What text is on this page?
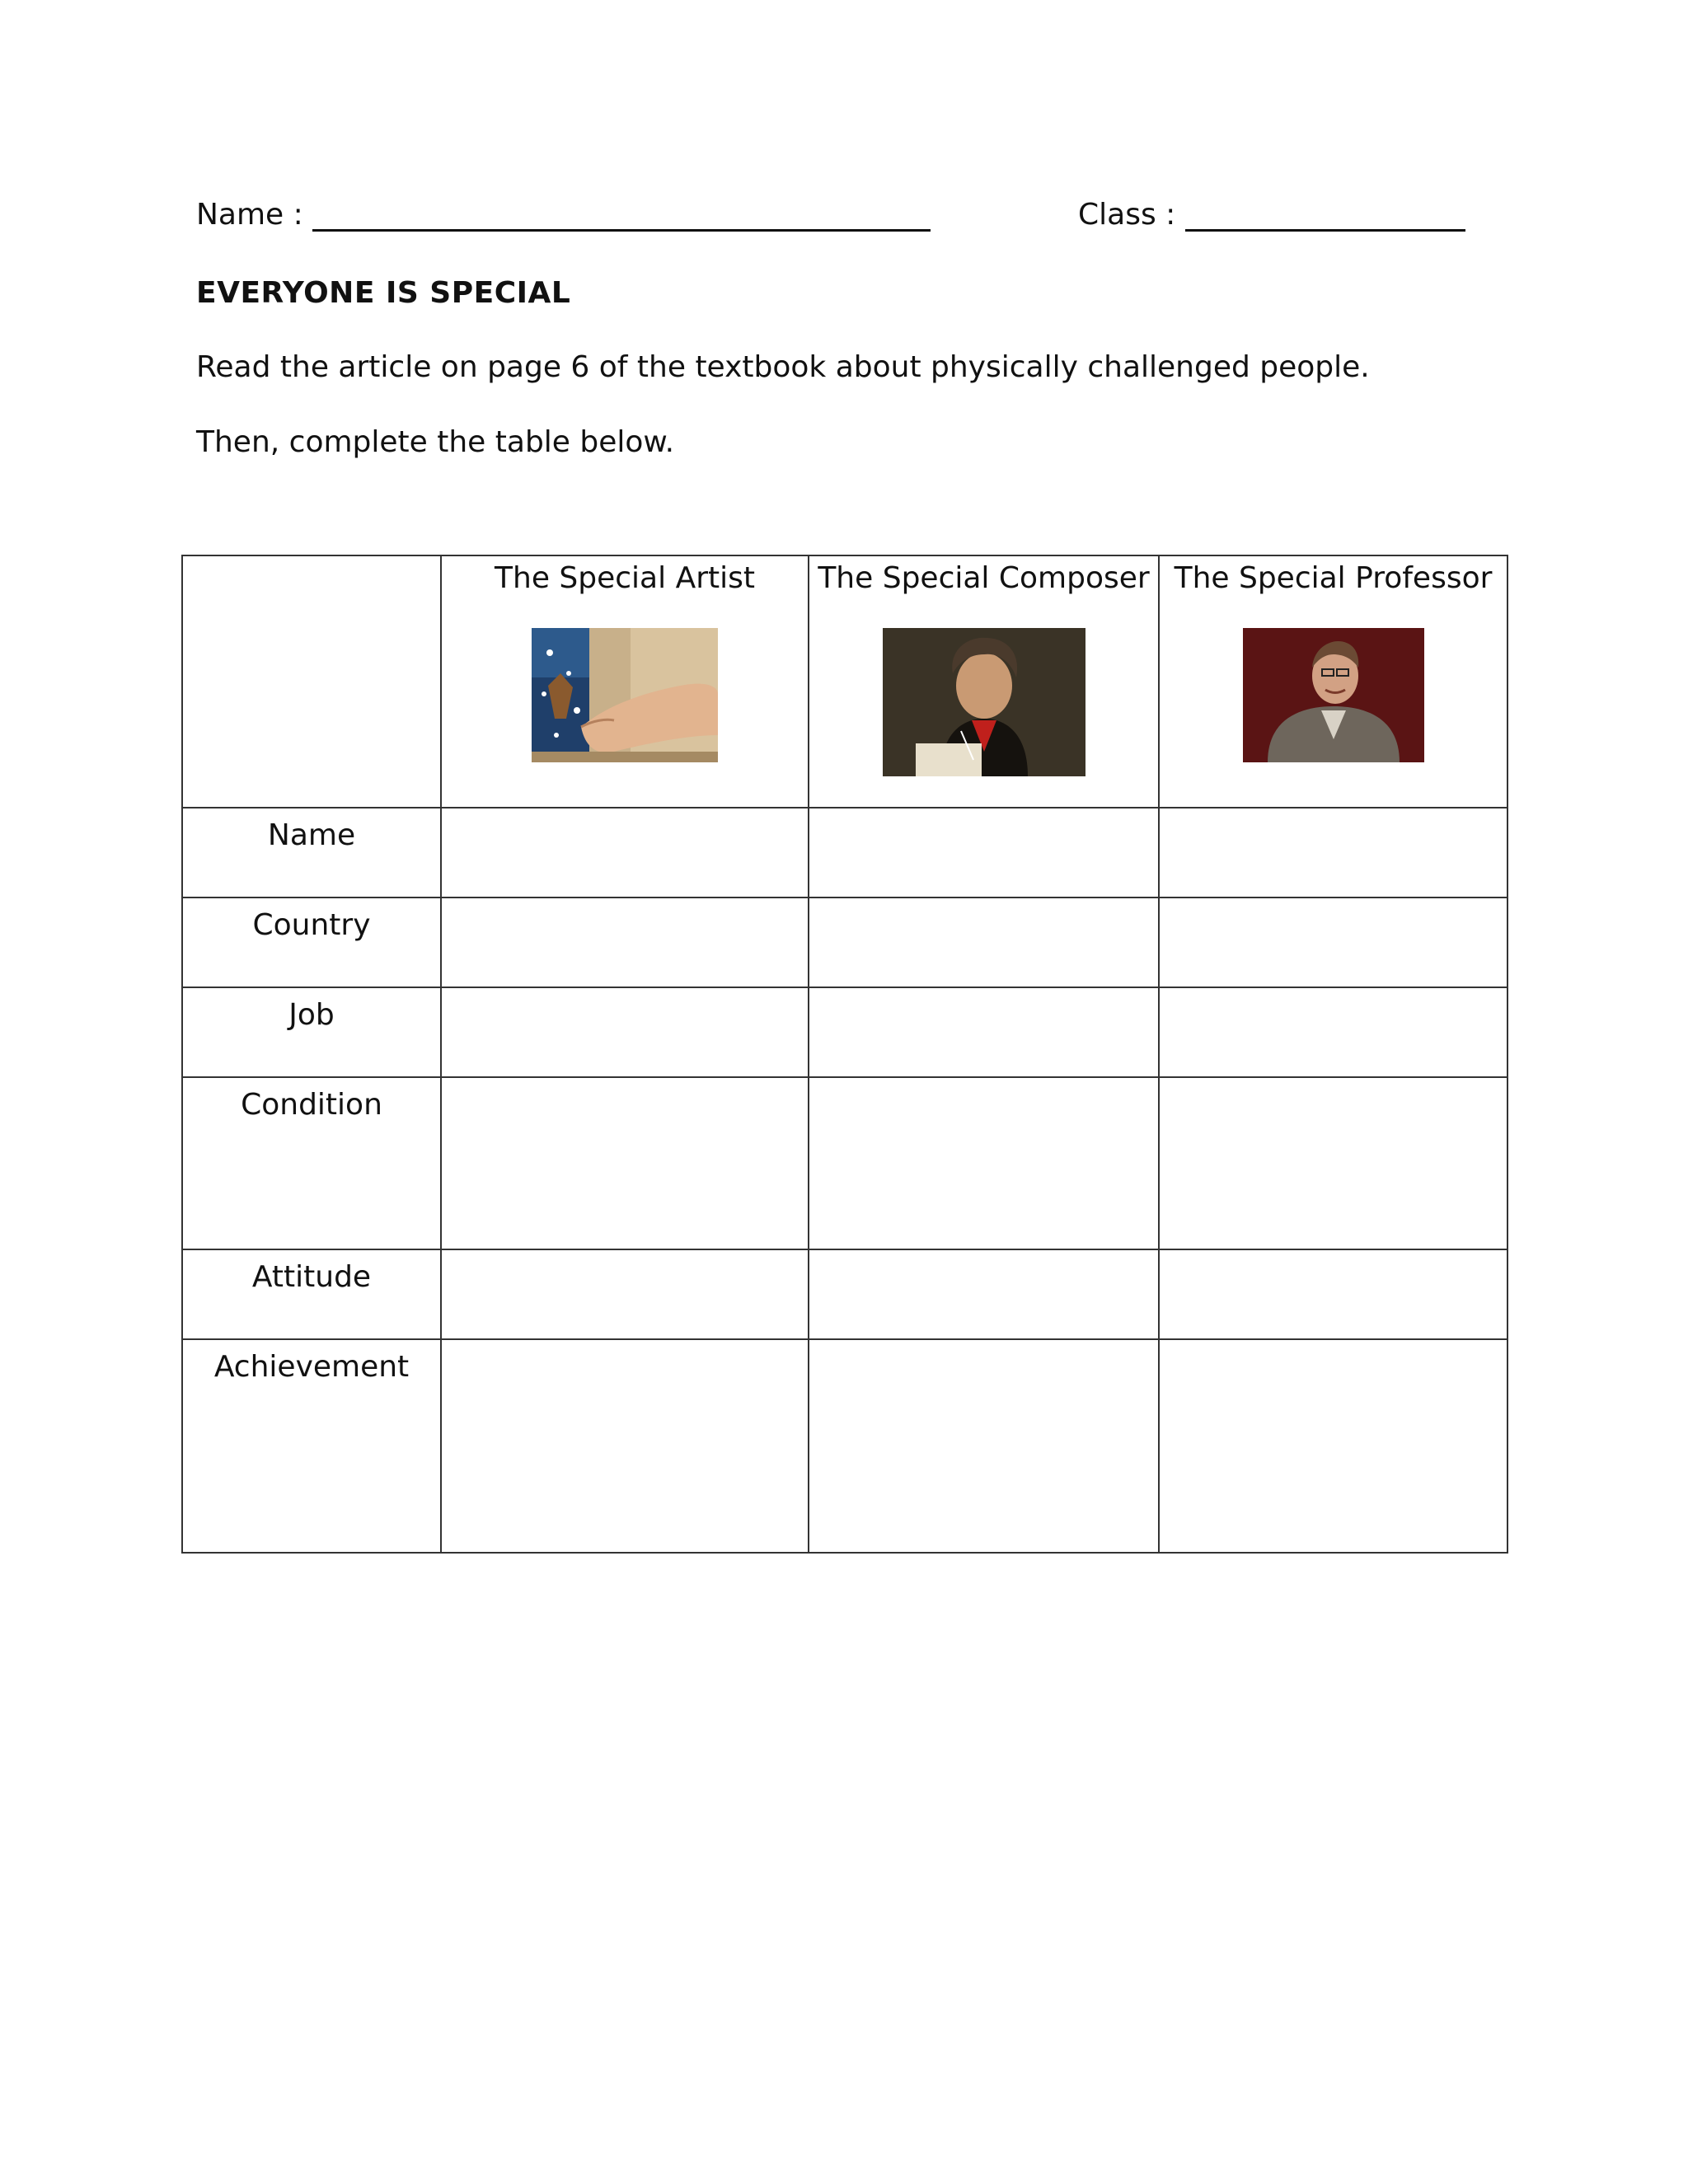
Name :	Class :
EVERYONE IS SPECIAL
Read the article on page 6 of the textbook about physically challenged people.
Then, complete the table below.

	The Special Artist	The Special Composer	The Special Professor

Name			

Country			

Job			

Condition			

Attitude			

Achievement			
